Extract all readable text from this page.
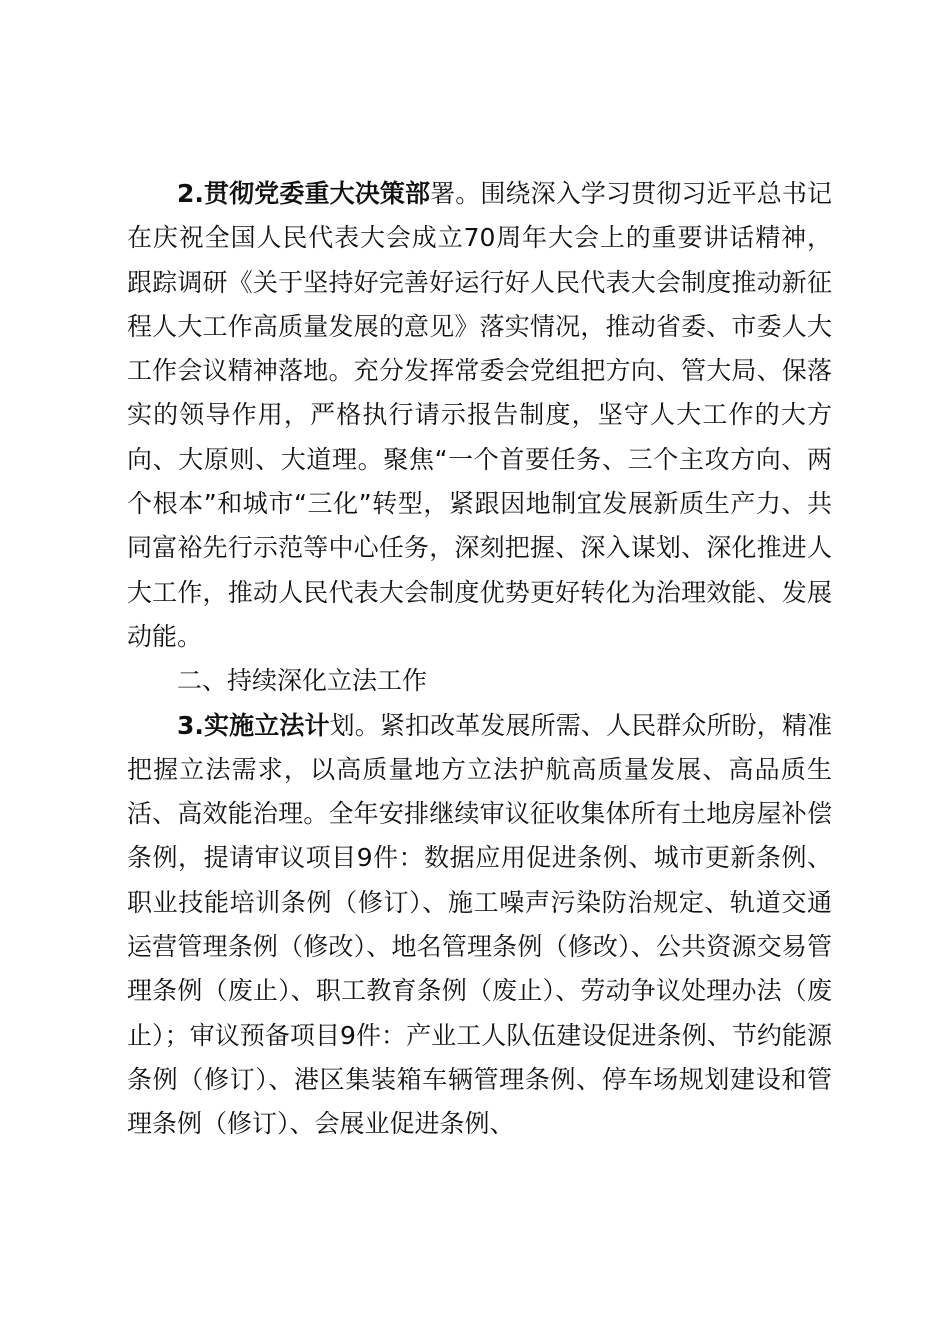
2.贯彻党委重大决策部署。围绕深入学习贯彻习近平总书记在庆祝全国人民代表大会成立70周年大会上的重要讲话精神，跟踪调研《关于坚持好完善好运行好人民代表大会制度推动新征程人大工作高质量发展的意见》落实情况，推动省委、市委人大工作会议精神落地。充分发挥常委会党组把方向、管大局、保落实的领导作用，严格执行请示报告制度，坚守人大工作的大方向、大原则、大道理。聚焦“一个首要任务、三个主攻方向、两个根本”和城市“三化”转型，紧跟因地制宜发展新质生产力、共同富裕先行示范等中心任务，深刻把握、深入谋划、深化推进人大工作，推动人民代表大会制度优势更好转化为治理效能、发展动能。

二、持续深化立法工作

3.实施立法计划。紧扣改革发展所需、人民群众所盼，精准把握立法需求，以高质量地方立法护航高质量发展、高品质生活、高效能治理。全年安排继续审议征收集体所有土地房屋补偿条例，提请审议项目9件：数据应用促进条例、城市更新条例、职业技能培训条例（修订）、施工噪声污染防治规定、轨道交通运营管理条例（修改）、地名管理条例（修改）、公共资源交易管理条例（废止）、职工教育条例（废止）、劳动争议处理办法（废止）；审议预备项目9件：产业工人队伍建设促进条例、节约能源条例（修订）、港区集装箱车辆管理条例、停车场规划建设和管理条例（修订）、会展业促进条例、
